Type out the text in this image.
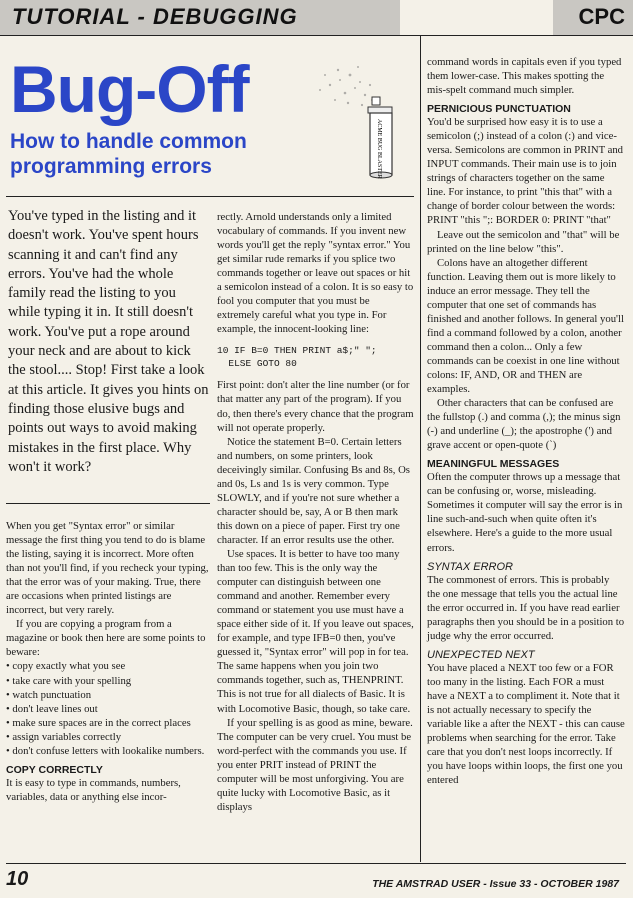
TUTORIAL - DEBUGGING	CPC
Bug-Off
How to handle common programming errors	ACME BUG BLASTER
You've typed in the listing and it doesn't work. You've spent hours scanning it and can't find any errors. You've had the whole family read the listing to you while typing it in. It still doesn't work. You've put a rope around your neck and are about to kick the stool.... Stop! First take a look at this article. It gives you hints on finding those elusive bugs and points out ways to avoid making mistakes in the first place. Why won't it work?

When you get "Syntax error" or similar message the first thing you tend to do is blame the listing, saying it is incorrect. More often than not you'll find, if you recheck your typing, that the error was of your making. True, there are occasions when printed listings are incorrect, but very rarely.

If you are copying a program from a magazine or book then here are some points to beware:

• copy exactly what you see
• take care with your spelling
• watch punctuation
• don't leave lines out
• make sure spaces are in the correct places
• assign variables correctly
• don't confuse letters with lookalike numbers.

COPY CORRECTLY

It is easy to type in commands, numbers, variables, data or anything else incor-

rectly. Arnold understands only a limited vocabulary of commands. If you invent new words you'll get the reply "syntax error." You get similar rude remarks if you splice two commands together or leave out spaces or hit a semicolon instead of a colon. It is so easy to fool you computer that you must be extremely careful what you type in. For example, the innocent-looking line:

10 IF B=0 THEN PRINT a$;" ";
ELSE GOTO 80

First point: don't alter the line number (or for that matter any part of the program). If you do, then there's every chance that the program will not operate properly.

Notice the statement B=0. Certain letters and numbers, on some printers, look deceivingly similar. Confusing Bs and 8s, Os and 0s, Ls and 1s is very common. Type SLOWLY, and if you're not sure whether a character should be, say, A or B then mark this down on a piece of paper. First try one character. If an error results use the other.

Use spaces. It is better to have too many than too few. This is the only way the computer can distinguish between one command and another. Remember every command or statement you use must have a space either side of it. If you leave out spaces, for example, and type IFB=0 then, you've guessed it, "Syntax error" will pop in for tea. The same happens when you join two commands together, such as, THENPRINT. This is not true for all dialects of Basic. It is with Locomotive Basic, though, so take care.

If your spelling is as good as mine, beware. The computer can be very cruel. You must be word-perfect with the commands you use. If you enter PRIT instead of PRINT the computer will be most unforgiving. You are quite lucky with Locomotive Basic, as it displays

command words in capitals even if you typed them lower-case. This makes spotting the mis-spelt command much simpler.

PERNICIOUS PUNCTUATION

You'd be surprised how easy it is to use a semicolon (;) instead of a colon (:) and vice-versa. Semicolons are common in PRINT and INPUT commands. Their main use is to join strings of characters together on the same line. For instance, to print "this that" with a change of border colour between the words:

PRINT "this ";: BORDER 0: PRINT "that"

Leave out the semicolon and "that" will be printed on the line below "this".

Colons have an altogether different function. Leaving them out is more likely to induce an error message. They tell the computer that one set of commands has finished and another follows. In general you'll find a command followed by a colon, another command then a colon... Only a few commands can be coexist in one line without colons: IF, AND, OR and THEN are examples.

Other characters that can be confused are the fullstop (.) and comma (,); the minus sign (-) and underline (_); the apostrophe (') and grave accent or open-quote (`)

MEANINGFUL MESSAGES

Often the computer throws up a message that can be confusing or, worse, misleading. Sometimes it computer will say the error is in line such-and-such when quite often it's elsewhere. Here's a guide to the more usual errors.

SYNTAX ERROR

The commonest of errors. This is probably the one message that tells you the actual line the error occurred in. If you have read earlier paragraphs then you should be in a position to judge why the error occurred.

UNEXPECTED NEXT

You have placed a NEXT too few or a FOR too many in the listing. Each FOR a must have a NEXT a to compliment it. Note that it is not actually necessary to specify the variable like a after the NEXT - this can cause problems when searching for the error. Take care that you don't nest loops incorrectly. If you have loops within loops, the first one you entered

10	THE AMSTRAD USER - Issue 33 - OCTOBER 1987
